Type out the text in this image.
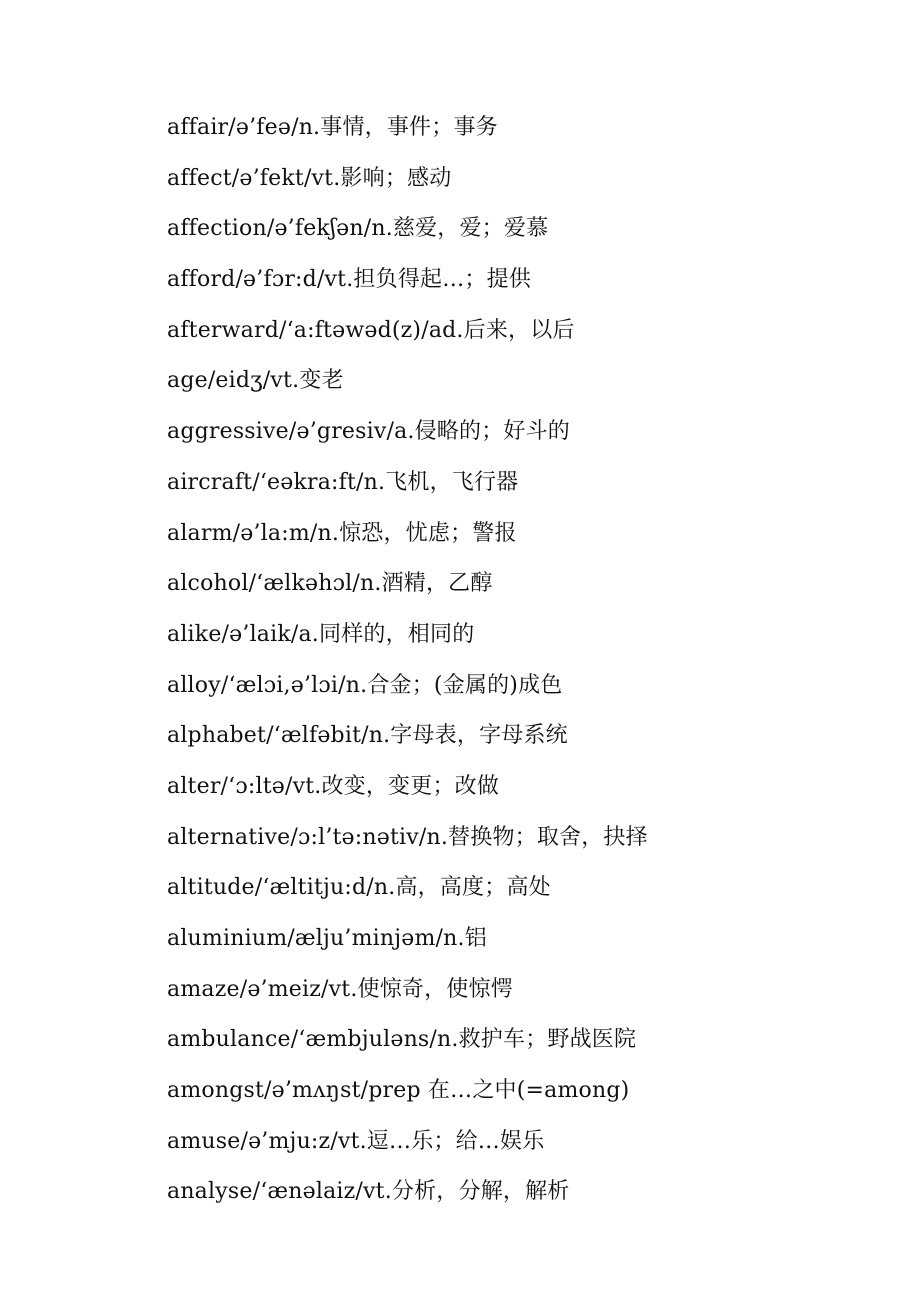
affair/ə’feə/n.事情，事件；事务
affect/ə’fekt/vt.影响；感动
affection/ə’fekʃən/n.慈爱，爱；爱慕
afford/ə’fɔr:d/vt.担负得起…；提供
afterward/‘a:ftəwəd(z)/ad.后来，以后
age/eidʒ/vt.变老
aggressive/ə’gresiv/a.侵略的；好斗的
aircraft/‘eəkra:ft/n.飞机，飞行器
alarm/ə’la:m/n.惊恐，忧虑；警报
alcohol/‘ælkəhɔl/n.酒精，乙醇
alike/ə’laik/a.同样的，相同的
alloy/‘ælɔi,ə’lɔi/n.合金；(金属的)成色
alphabet/‘ælfəbit/n.字母表，字母系统
alter/‘ɔ:ltə/vt.改变，变更；改做
alternative/ɔ:l’tə:nətiv/n.替换物；取舍，抉择
altitude/‘æltitju:d/n.高，高度；高处
aluminium/ælju’minjəm/n.铝
amaze/ə’meiz/vt.使惊奇，使惊愕
ambulance/‘æmbjuləns/n.救护车；野战医院
amongst/ə’mʌŋst/prep 在…之中(=among)
amuse/ə’mju:z/vt.逗…乐；给…娱乐
analyse/‘ænəlaiz/vt.分析，分解，解析
